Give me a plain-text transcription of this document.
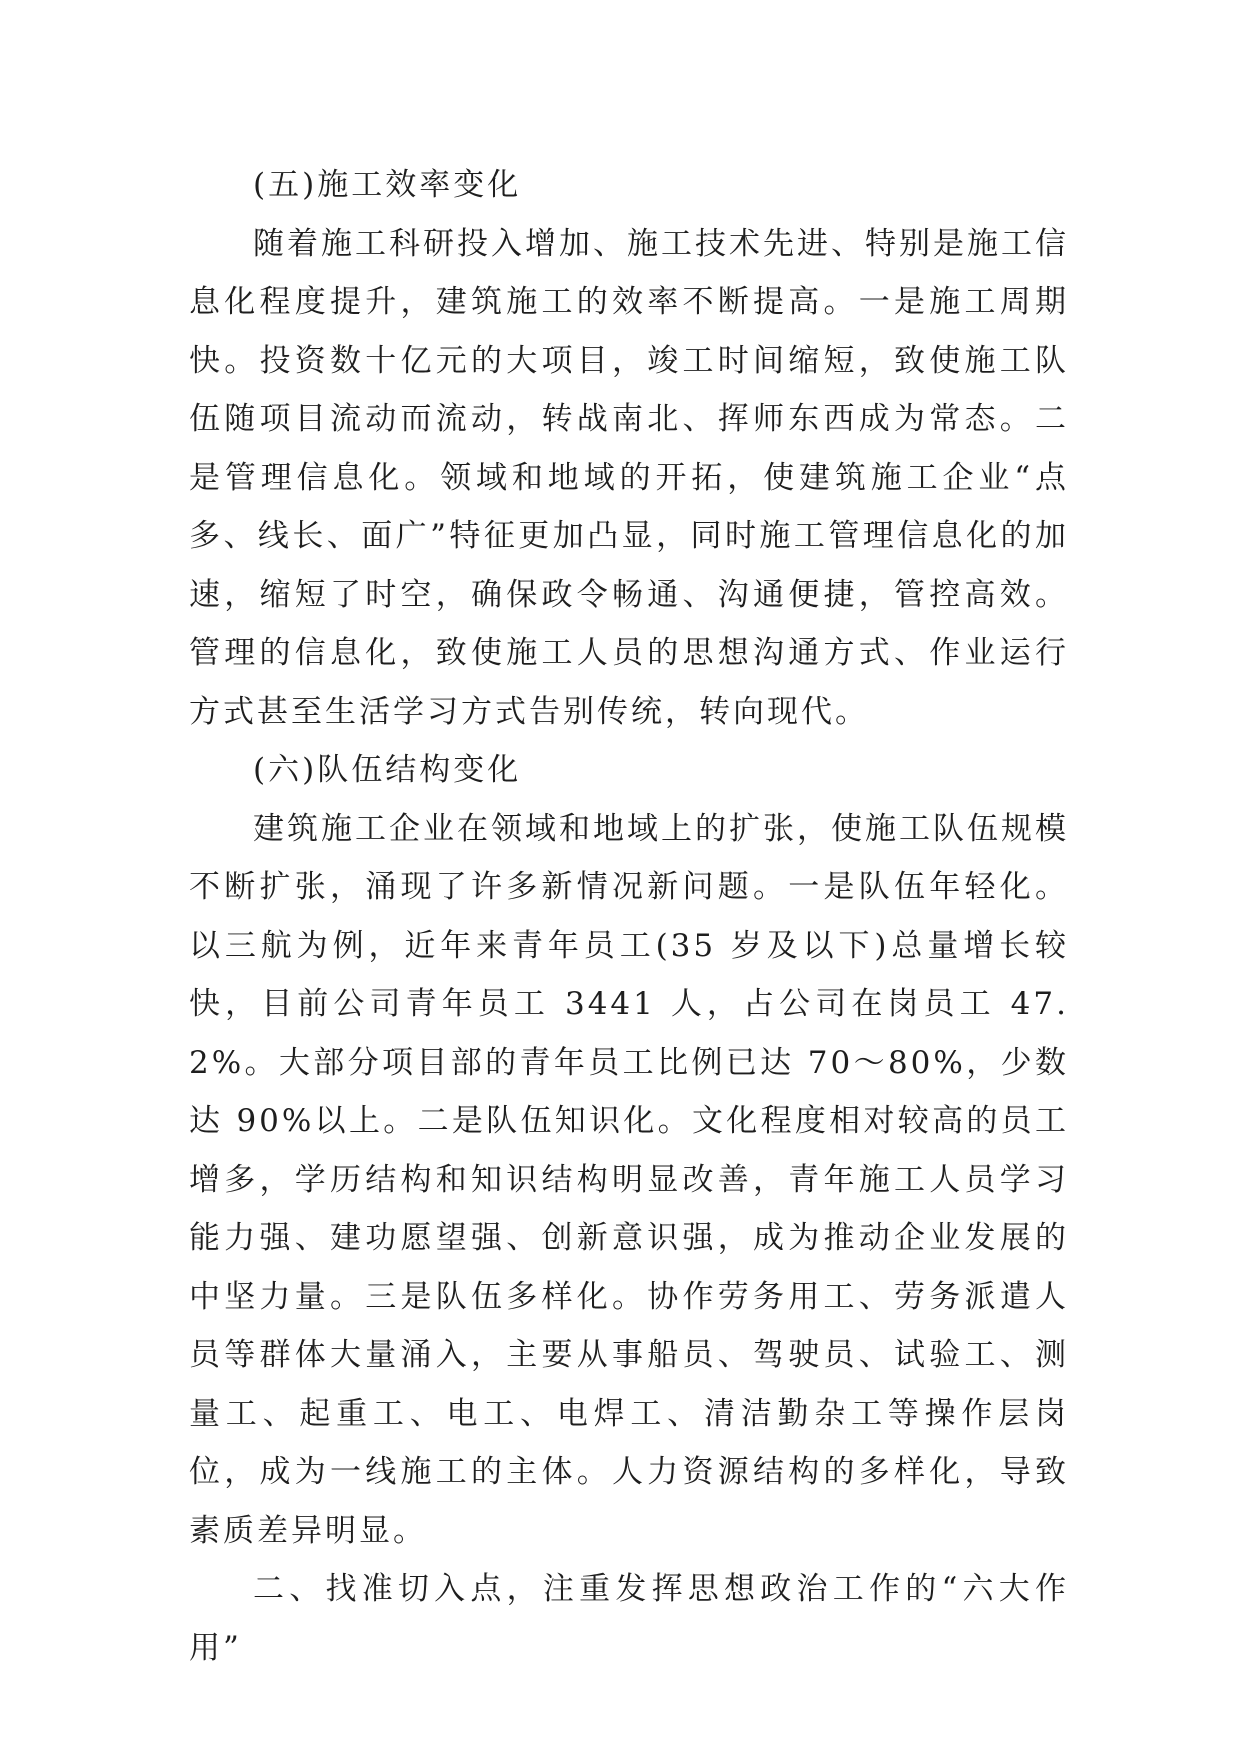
(五)施工效率变化

随着施工科研投入增加、施工技术先进、特别是施工信息化程度提升，建筑施工的效率不断提高。一是施工周期快。投资数十亿元的大项目，竣工时间缩短，致使施工队伍随项目流动而流动，转战南北、挥师东西成为常态。二是管理信息化。领域和地域的开拓，使建筑施工企业“点多、线长、面广”特征更加凸显，同时施工管理信息化的加速，缩短了时空，确保政令畅通、沟通便捷，管控高效。管理的信息化，致使施工人员的思想沟通方式、作业运行方式甚至生活学习方式告别传统，转向现代。

(六)队伍结构变化

建筑施工企业在领域和地域上的扩张，使施工队伍规模不断扩张，涌现了许多新情况新问题。一是队伍年轻化。以三航为例，近年来青年员工(35 岁及以下)总量增长较快，目前公司青年员工 3441 人，占公司在岗员工 47.2%。大部分项目部的青年员工比例已达 70～80%，少数达 90%以上。二是队伍知识化。文化程度相对较高的员工增多，学历结构和知识结构明显改善，青年施工人员学习能力强、建功愿望强、创新意识强，成为推动企业发展的中坚力量。三是队伍多样化。协作劳务用工、劳务派遣人员等群体大量涌入，主要从事船员、驾驶员、试验工、测量工、起重工、电工、电焊工、清洁勤杂工等操作层岗位，成为一线施工的主体。人力资源结构的多样化，导致素质差异明显。

二、找准切入点，注重发挥思想政治工作的“六大作用”
